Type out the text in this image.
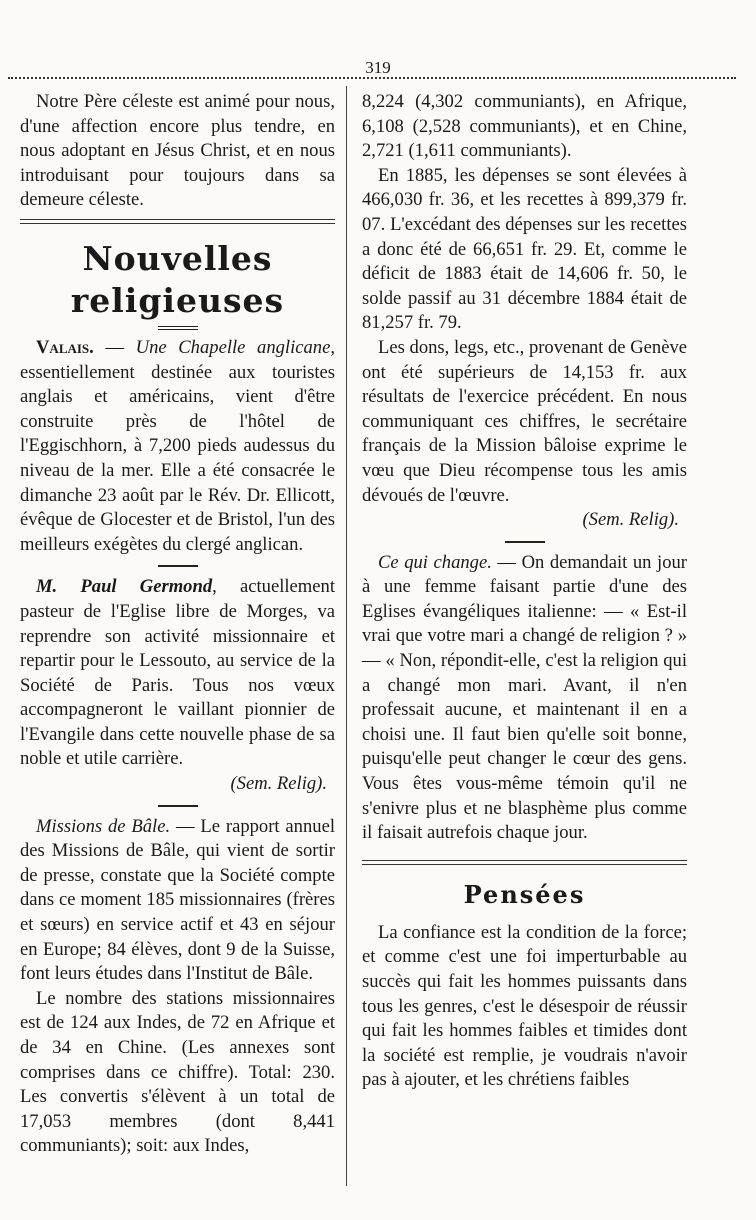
319

Notre Père céleste est animé pour nous, d'une affection encore plus tendre, en nous adoptant en Jésus Christ, et en nous introduisant pour toujours dans sa demeure céleste.

Nouvelles religieuses

Valais. — Une Chapelle anglicane, essentiellement destinée aux touristes anglais et américains, vient d'être construite près de l'hôtel de l'Eggischhorn, à 7,200 pieds audessus du niveau de la mer. Elle a été consacrée le dimanche 23 août par le Rév. Dr. Ellicott, évêque de Glocester et de Bristol, l'un des meilleurs exégètes du clergé anglican.

M. Paul Germond, actuellement pasteur de l'Eglise libre de Morges, va reprendre son activité missionnaire et repartir pour le Lessouto, au service de la Société de Paris. Tous nos vœux accompagneront le vaillant pionnier de l'Evangile dans cette nouvelle phase de sa noble et utile carrière.

(Sem. Relig).

Missions de Bâle. — Le rapport annuel des Missions de Bâle, qui vient de sortir de presse, constate que la Société compte dans ce moment 185 missionnaires (frères et sœurs) en service actif et 43 en séjour en Europe; 84 élèves, dont 9 de la Suisse, font leurs études dans l'Institut de Bâle.

Le nombre des stations missionnaires est de 124 aux Indes, de 72 en Afrique et de 34 en Chine. (Les annexes sont comprises dans ce chiffre). Total: 230. Les convertis s'élèvent à un total de 17,053 membres (dont 8,441 communiants); soit: aux Indes,

8,224 (4,302 communiants), en Afrique, 6,108 (2,528 communiants), et en Chine, 2,721 (1,611 communiants).

En 1885, les dépenses se sont élevées à 466,030 fr. 36, et les recettes à 899,379 fr. 07. L'excédant des dépenses sur les recettes a donc été de 66,651 fr. 29. Et, comme le déficit de 1883 était de 14,606 fr. 50, le solde passif au 31 décembre 1884 était de 81,257 fr. 79.

Les dons, legs, etc., provenant de Genève ont été supérieurs de 14,153 fr. aux résultats de l'exercice précédent. En nous communiquant ces chiffres, le secrétaire français de la Mission bâloise exprime le vœu que Dieu récompense tous les amis dévoués de l'œuvre.

(Sem. Relig).

Ce qui change. — On demandait un jour à une femme faisant partie d'une des Eglises évangéliques italienne: — « Est-il vrai que votre mari a changé de religion ? » — « Non, répondit-elle, c'est la religion qui a changé mon mari. Avant, il n'en professait aucune, et maintenant il en a choisi une. Il faut bien qu'elle soit bonne, puisqu'elle peut changer le cœur des gens. Vous êtes vous-même témoin qu'il ne s'enivre plus et ne blasphème plus comme il faisait autrefois chaque jour.

Pensées

La confiance est la condition de la force; et comme c'est une foi imperturbable au succès qui fait les hommes puissants dans tous les genres, c'est le désespoir de réussir qui fait les hommes faibles et timides dont la société est remplie, je voudrais n'avoir pas à ajouter, et les chrétiens faibles
